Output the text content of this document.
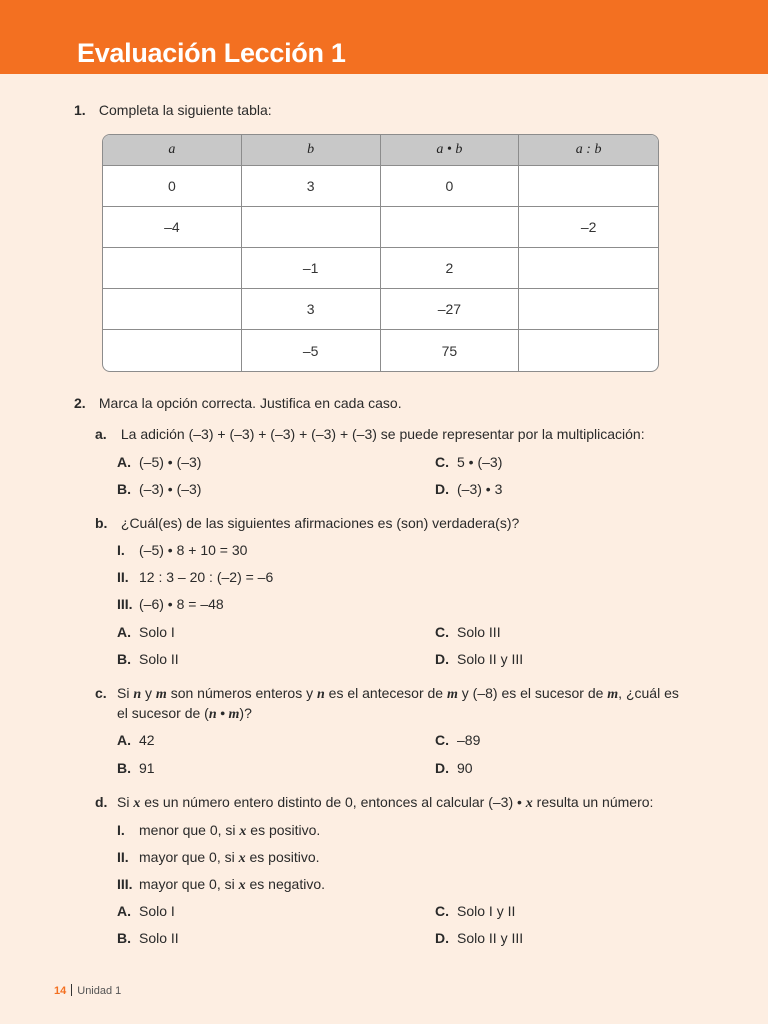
Evaluación Lección 1
1. Completa la siguiente tabla:
a	b	a • b	a : b
0	3	0	
–4			–2
	–1	2	
	3	–27	
	–5	75	
2. Marca la opción correcta. Justifica en cada caso.
a. La adición (–3) + (–3) + (–3) + (–3) + (–3) se puede representar por la multiplicación:
A. (–5) • (–3)	C. 5 • (–3)
B. (–3) • (–3)	D. (–3) • 3
b. ¿Cuál(es) de las siguientes afirmaciones es (son) verdadera(s)?
I. (–5) • 8 + 10 = 30
II. 12 : 3 – 20 : (–2) = –6
III. (–6) • 8 = –48
A. Solo I	C. Solo III
B. Solo II	D. Solo II y III
c. Si n y m son números enteros y n es el antecesor de m y (–8) es el sucesor de m, ¿cuál es
el sucesor de (n • m)?
A. 42	C. –89
B. 91	D. 90
d. Si x es un número entero distinto de 0, entonces al calcular (–3) • x resulta un número:
I. menor que 0, si x es positivo.
II. mayor que 0, si x es positivo.
III. mayor que 0, si x es negativo.
A. Solo I	C. Solo I y II
B. Solo II	D. Solo II y III
14 Unidad 1
